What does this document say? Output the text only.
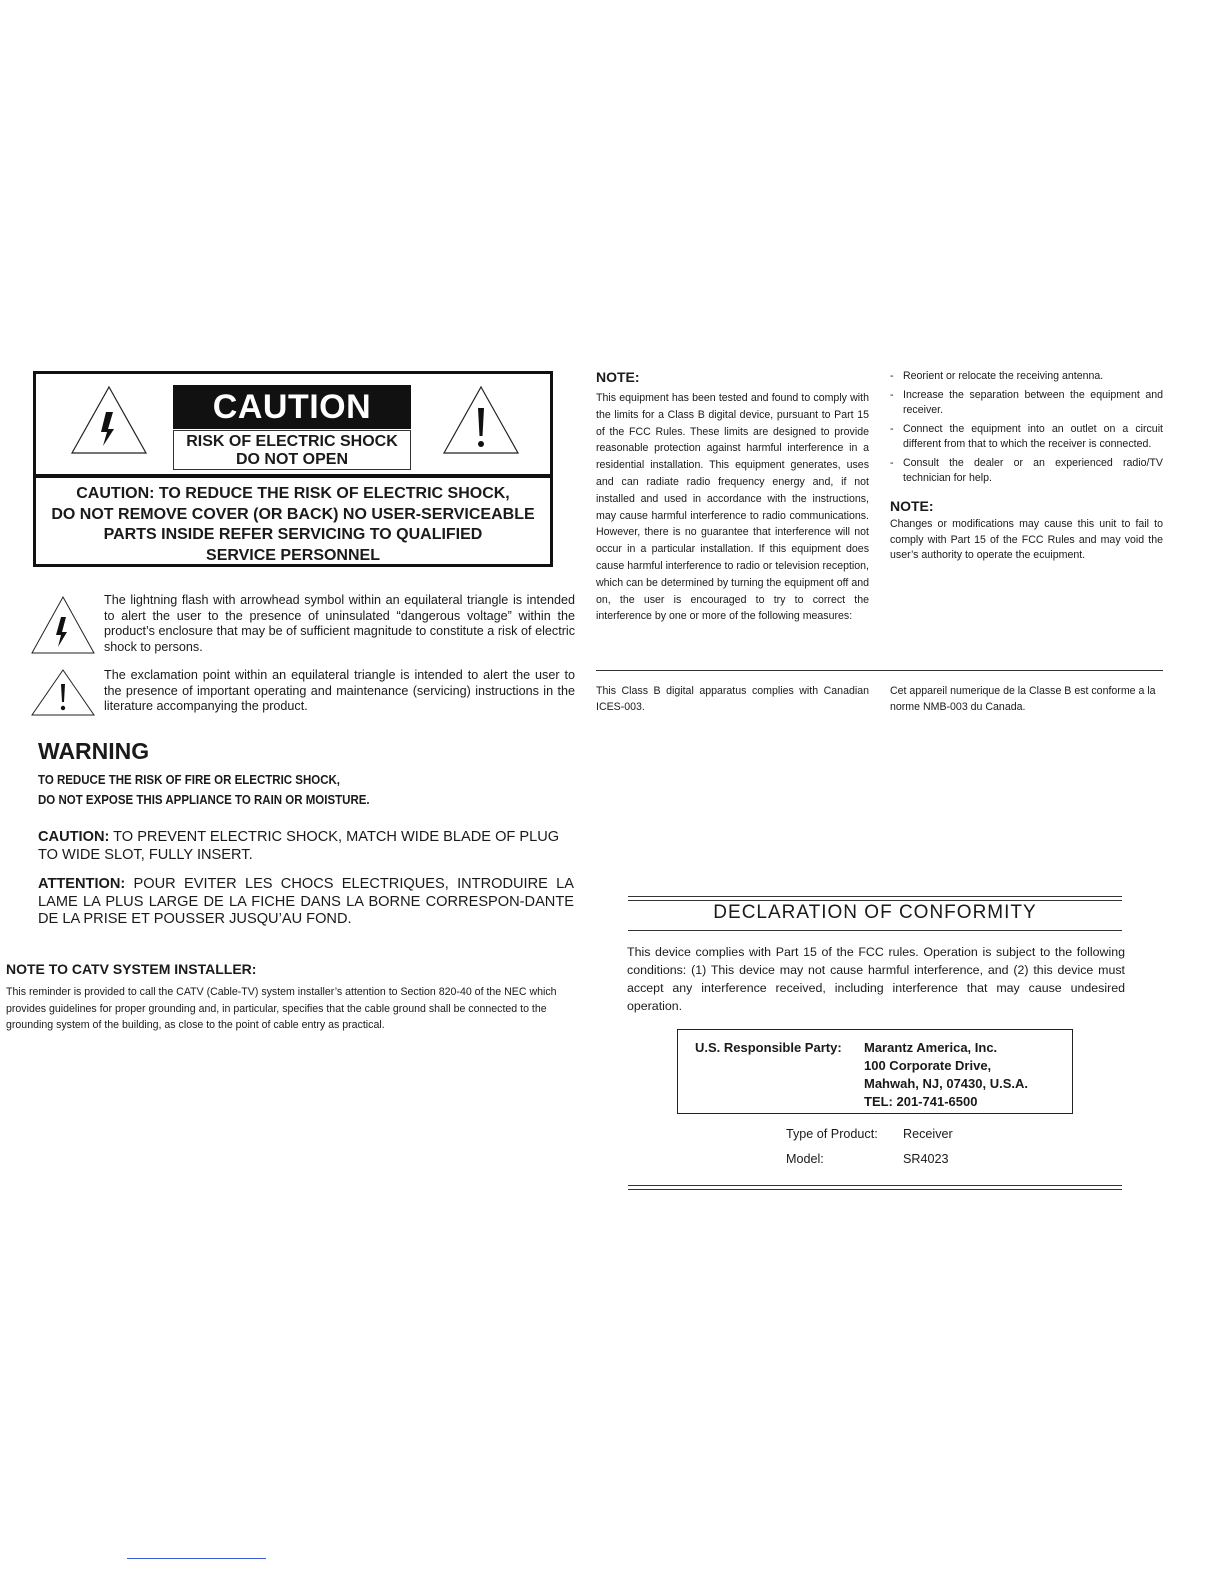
CAUTION
RISK OF ELECTRIC SHOCK
DO NOT OPEN
CAUTION: TO REDUCE THE RISK OF ELECTRIC SHOCK,
DO NOT REMOVE COVER (OR BACK) NO USER-SERVICEABLE
PARTS INSIDE REFER SERVICING TO QUALIFIED
SERVICE PERSONNEL

The lightning flash with arrowhead symbol within an equilateral triangle is intended to alert the user to the presence of uninsulated “dangerous voltage” within the product’s enclosure that may be of sufficient magnitude to constitute a risk of electric shock to persons.

The exclamation point within an equilateral triangle is intended to alert the user to the presence of important operating and maintenance (servicing) instructions in the literature accompanying the product.

WARNING
TO REDUCE THE RISK OF FIRE OR ELECTRIC SHOCK,
DO NOT EXPOSE THIS APPLIANCE TO RAIN OR MOISTURE.

CAUTION: TO PREVENT ELECTRIC SHOCK, MATCH WIDE BLADE OF PLUG TO WIDE SLOT, FULLY INSERT.

ATTENTION: POUR EVITER LES CHOCS ELECTRIQUES, INTRODUIRE LA LAME LA PLUS LARGE DE LA FICHE DANS LA BORNE CORRESPON-DANTE DE LA PRISE ET POUSSER JUSQU’AU FOND.

NOTE TO CATV SYSTEM INSTALLER:

This reminder is provided to call the CATV (Cable-TV) system installer’s attention to Section 820-40 of the NEC which provides guidelines for proper grounding and, in particular, specifies that the cable ground shall be connected to the grounding system of the building, as close to the point of cable entry as practical.

NOTE:

This equipment has been tested and found to comply with the limits for a Class B digital device, pursuant to Part 15 of the FCC Rules. These limits are designed to provide reasonable protection against harmful interference in a residential installation. This equipment generates, uses and can radiate radio frequency energy and, if not installed and used in accordance with the instructions, may cause harmful interference to radio communications. However, there is no guarantee that interference will not occur in a particular installation. If this equipment does cause harmful interference to radio or television reception, which can be determined by turning the equipment off and on, the user is encouraged to try to correct the interference by one or more of the following measures:

- Reorient or relocate the receiving antenna.
- Increase the separation between the equipment and receiver.
- Connect the equipment into an outlet on a circuit different from that to which the receiver is connected.
- Consult the dealer or an experienced radio/TV technician for help.
NOTE:

Changes or modifications may cause this unit to fail to comply with Part 15 of the FCC Rules and may void the user’s authority to operate the ecuipment.

This Class B digital apparatus complies with Canadian ICES-003.

Cet appareil numerique de la Classe B est conforme a la norme NMB-003 du Canada.

DECLARATION OF CONFORMITY

This device complies with Part 15 of the FCC rules. Operation is subject to the following conditions: (1) This device may not cause harmful interference, and (2) this device must accept any interference received, including interference that may cause undesired operation.

U.S. Responsible Party: Marantz America, Inc.
100 Corporate Drive,
Mahwah, NJ, 07430, U.S.A.
TEL: 201-741-6500
Type of Product: Receiver
Model:	SR4023
